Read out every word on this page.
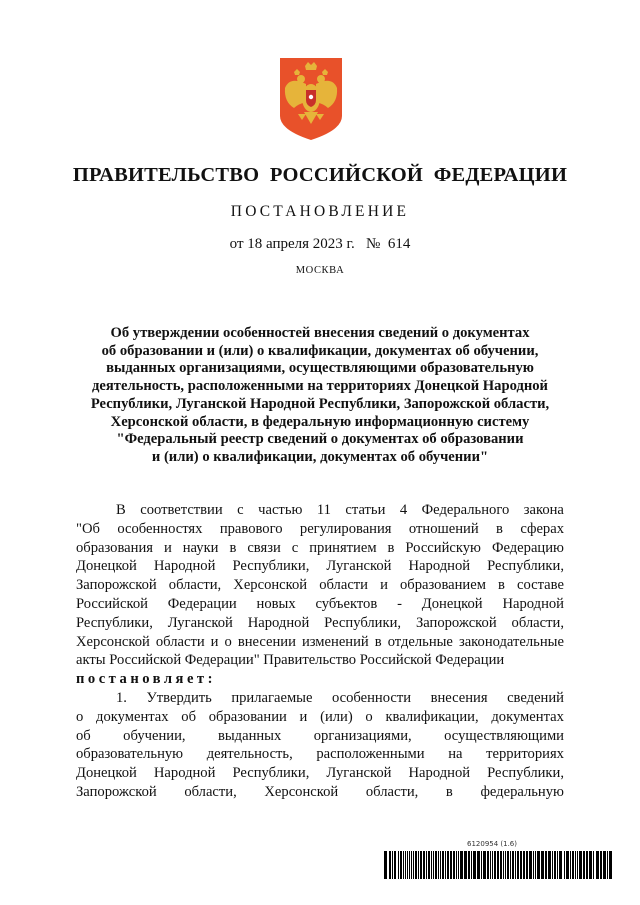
ПРАВИТЕЛЬСТВО  РОССИЙСКОЙ  ФЕДЕРАЦИИ
ПОСТАНОВЛЕНИЕ
от 18 апреля 2023 г. № 614
МОСКВА
Об утверждении особенностей внесения сведений о документах
об образовании и (или) о квалификации, документах об обучении,
выданных организациями, осуществляющими образовательную
деятельность, расположенными на территориях Донецкой Народной
Республики, Луганской Народной Республики, Запорожской области,
Херсонской области, в федеральную информационную систему
"Федеральный реестр сведений о документах об образовании
и (или) о квалификации, документах об обучении"
В соответствии с частью 11 статьи 4 Федерального закона
"Об особенностях правового регулирования отношений в сферах
образования и науки в связи с принятием в Российскую Федерацию
Донецкой Народной Республики, Луганской Народной Республики,
Запорожской области, Херсонской области и образованием в составе
Российской Федерации новых субъектов - Донецкой Народной
Республики, Луганской Народной Республики, Запорожской области,
Херсонской области и о внесении изменений в отдельные законодательные
акты Российской Федерации" Правительство Российской Федерации
постановляет:
1. Утвердить прилагаемые особенности внесения сведений
о документах об образовании и (или) о квалификации, документах
об обучении, выданных организациями, осуществляющими
образовательную деятельность, расположенными на территориях
Донецкой Народной Республики, Луганской Народной Республики,
Запорожской области, Херсонской области, в федеральную
6120954 (1.6)
